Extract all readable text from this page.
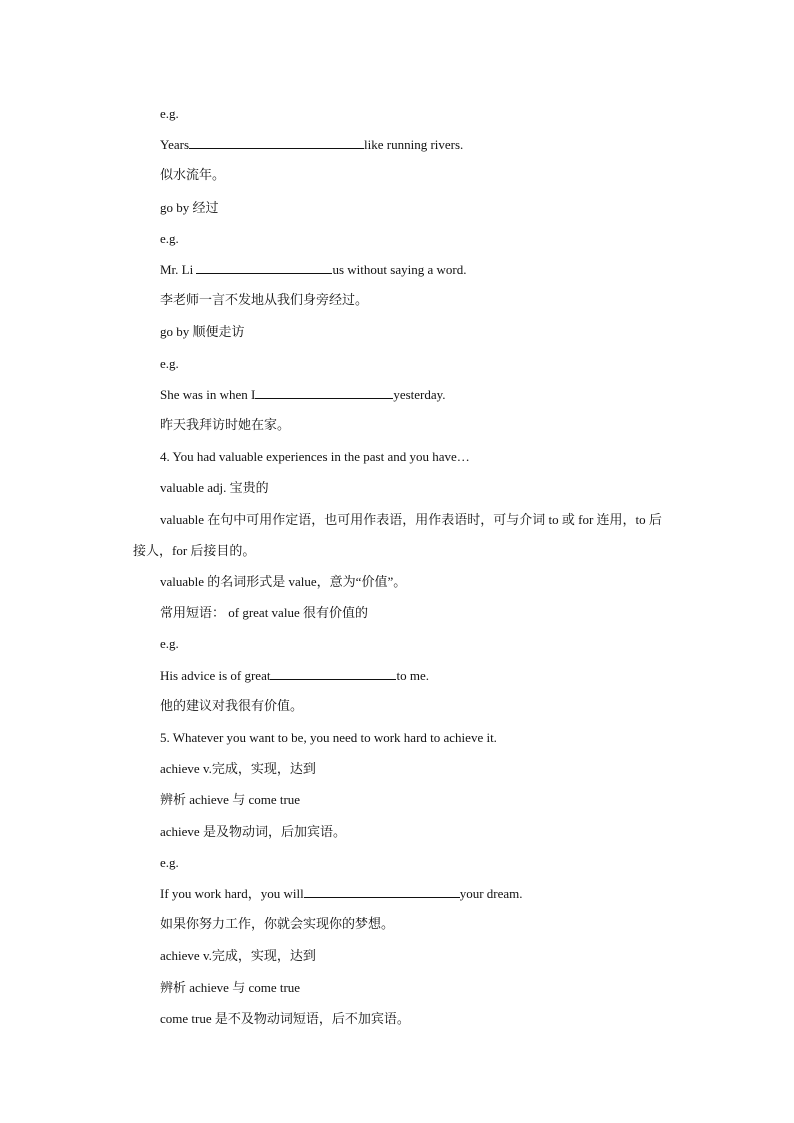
e.g.
Years	like running rivers.
似水流年。
go by 经过
e.g.
Mr. Li	us without saying a word.
李老师一言不发地从我们身旁经过。
go by 顺便走访
e.g.
She was in when I	yesterday.
昨天我拜访时她在家。
4. You had valuable experiences in the past and you have…
valuable adj. 宝贵的
valuable 在句中可用作定语，也可用作表语，用作表语时，可与介词 to 或 for 连用，to 后接人，for 后接目的。
valuable 的名词形式是 value，意为“价值”。
常用短语： of great value 很有价值的
e.g.
His advice is of great	to me.
他的建议对我很有价值。
5. Whatever you want to be, you need to work hard to achieve it.
achieve v.完成，实现，达到
辨析 achieve 与 come true
achieve 是及物动词，后加宾语。
e.g.
If you work hard，you will	your dream.
如果你努力工作，你就会实现你的梦想。
achieve v.完成，实现，达到
辨析 achieve 与 come true
come true 是不及物动词短语，后不加宾语。
